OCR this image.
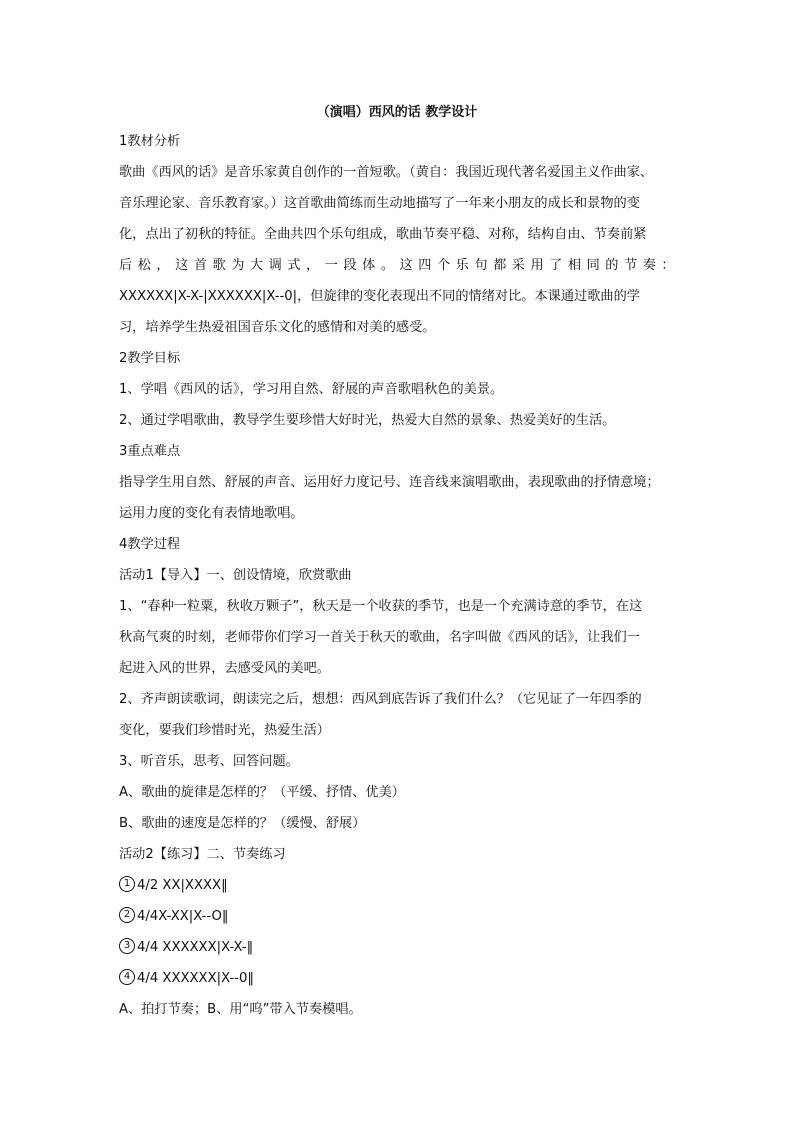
（演唱）西风的话 教学设计

1教材分析

歌曲《西风的话》是音乐家黄自创作的一首短歌。（黄自：我国近现代著名爱国主义作曲家、

音乐理论家、音乐教育家。）这首歌曲简练而生动地描写了一年来小朋友的成长和景物的变

化，点出了初秋的特征。全曲共四个乐句组成，歌曲节奏平稳、对称，结构自由、节奏前紧

后 松 ， 这 首 歌 为 大 调 式 ， 一 段 体 。 这 四 个 乐 句 都 采 用 了 相 同 的 节 奏 ：

XXXXXX|X-X-|XXXXXX|X--0|，但旋律的变化表现出不同的情绪对比。本课通过歌曲的学

习，培养学生热爱祖国音乐文化的感情和对美的感受。

2教学目标

1、学唱《西风的话》，学习用自然、舒展的声音歌唱秋色的美景。

2、通过学唱歌曲，教导学生要珍惜大好时光，热爱大自然的景象、热爱美好的生活。

3重点难点

指导学生用自然、舒展的声音、运用好力度记号、连音线来演唱歌曲，表现歌曲的抒情意境；

运用力度的变化有表情地歌唱。

4教学过程

活动1【导入】一、创设情境，欣赏歌曲

1、“春种一粒粟，秋收万颗子”，秋天是一个收获的季节，也是一个充满诗意的季节，在这

秋高气爽的时刻，老师带你们学习一首关于秋天的歌曲，名字叫做《西风的话》，让我们一

起进入风的世界，去感受风的美吧。

2、齐声朗读歌词，朗读完之后，想想：西风到底告诉了我们什么？（它见证了一年四季的

变化，要我们珍惜时光，热爱生活）

3、听音乐，思考、回答问题。

A、歌曲的旋律是怎样的？（平缓、抒情、优美）

B、歌曲的速度是怎样的？（缓慢、舒展）

活动2【练习】二、节奏练习

1 4/2 XX|XXXX‖

2 4/4X-XX|X--O‖

3 4/4 XXXXXX|X-X-‖

4 4/4 XXXXXX|X--0‖

A、拍打节奏；B、用“呜”带入节奏模唱。
